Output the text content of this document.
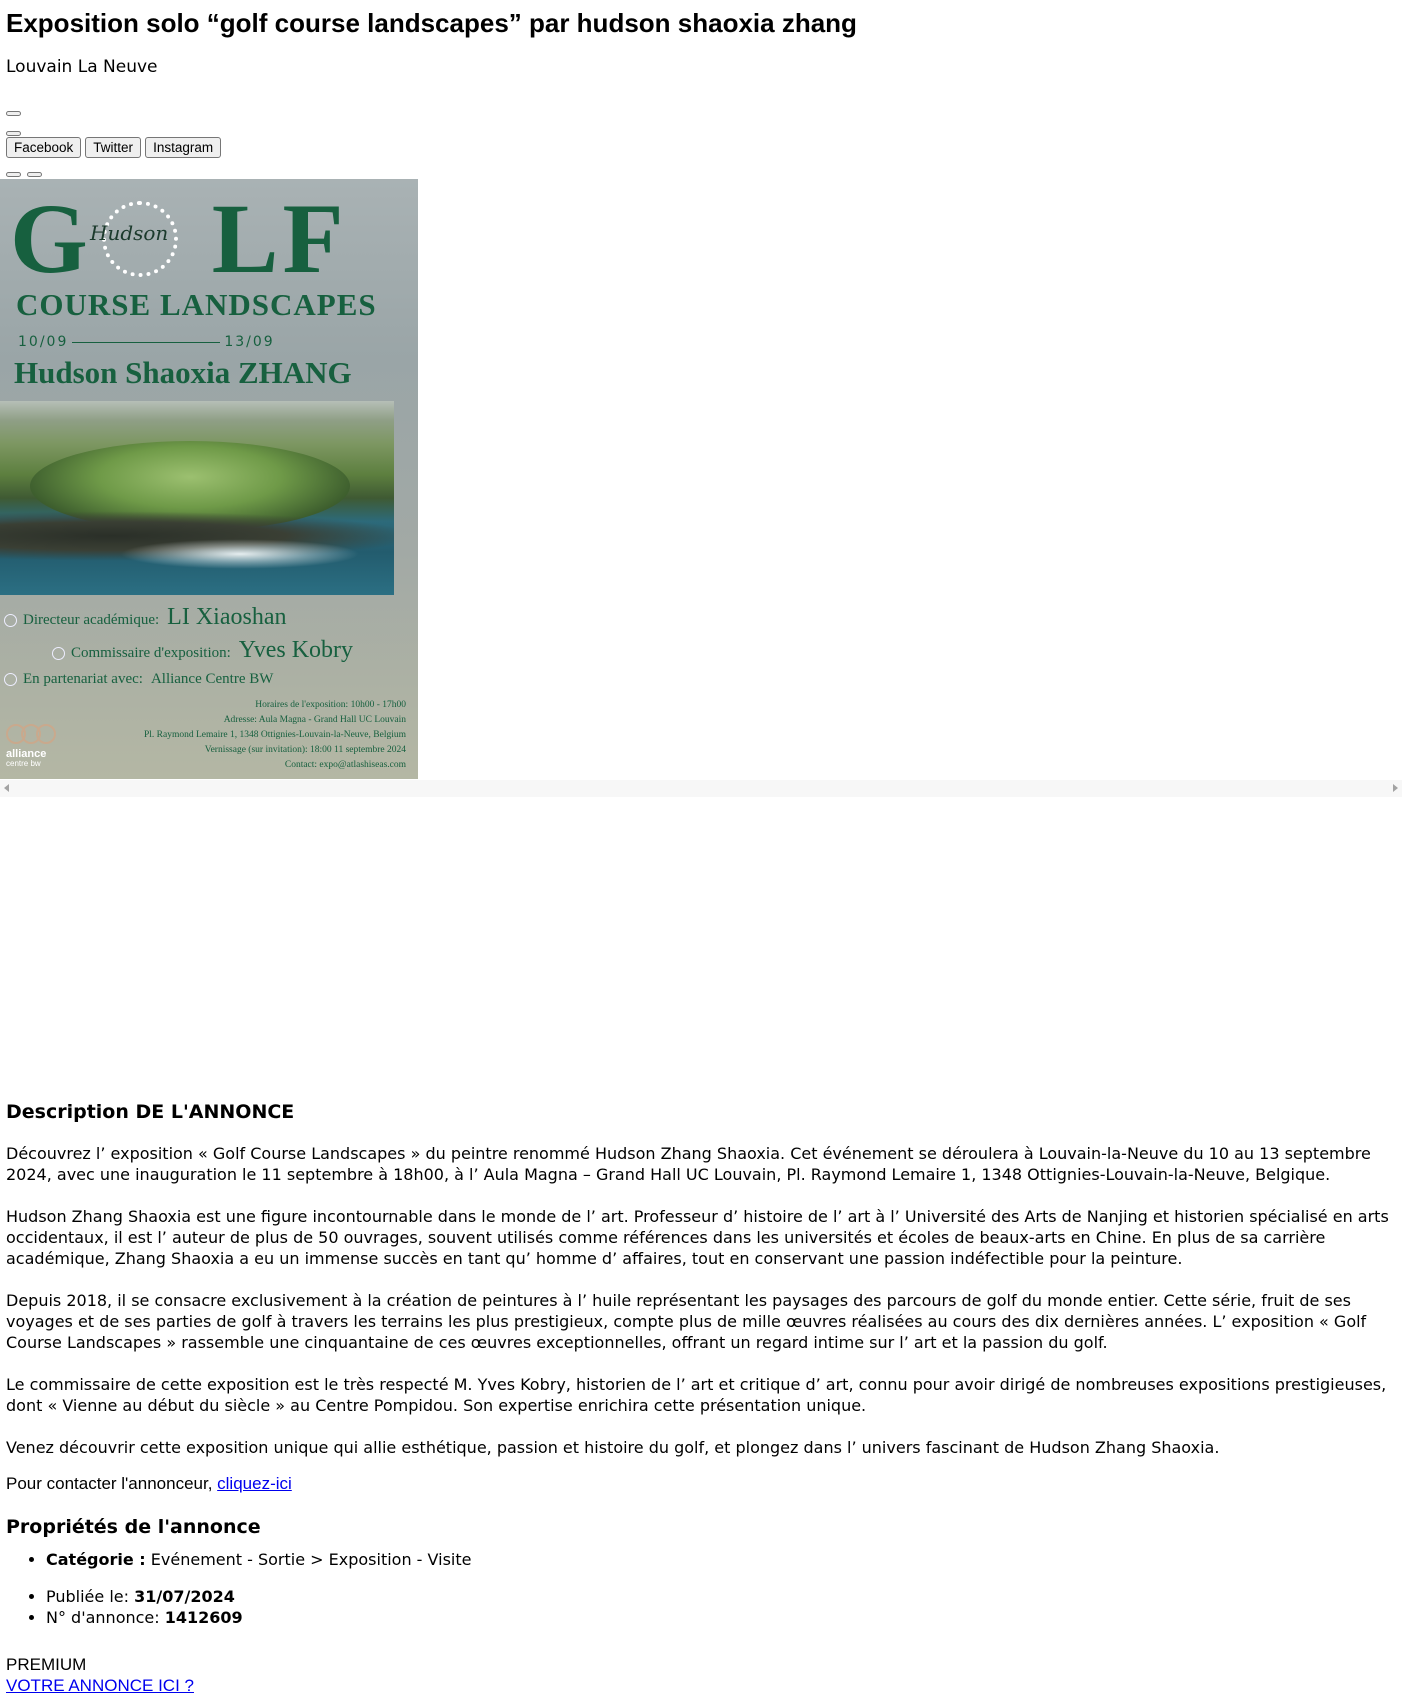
Exposition solo “golf course landscapes” par hudson shaoxia zhang
Louvain La Neuve
Facebook	Twitter	Instagram
G LF
Hudson
COURSE LANDSCAPES
10/09	13/09
Hudson Shaoxia ZHANG
Directeur académique: LI Xiaoshan
Commissaire d'exposition: Yves Kobry
En partenariat avec: Alliance Centre BW
Horaires de l'exposition: 10h00 - 17h00
Adresse: Aula Magna - Grand Hall UC Louvain
Pl. Raymond Lemaire 1, 1348 Ottignies-Louvain-la-Neuve, Belgium
Vernissage (sur invitation): 18:00 11 septembre 2024
Contact: expo@atlashiseas.com
alliance
centre bw
Description DE L'ANNONCE

Découvrez l’ exposition « Golf Course Landscapes » du peintre renommé Hudson Zhang Shaoxia. Cet événement se déroulera à Louvain-la-Neuve du 10 au 13 septembre 2024, avec une inauguration le 11 septembre à 18h00, à l’ Aula Magna – Grand Hall UC Louvain, Pl. Raymond Lemaire 1, 1348 Ottignies-Louvain-la-Neuve, Belgique.

Hudson Zhang Shaoxia est une figure incontournable dans le monde de l’ art. Professeur d’ histoire de l’ art à l’ Université des Arts de Nanjing et historien spécialisé en arts occidentaux, il est l’ auteur de plus de 50 ouvrages, souvent utilisés comme références dans les universités et écoles de beaux-arts en Chine. En plus de sa carrière académique, Zhang Shaoxia a eu un immense succès en tant qu’ homme d’ affaires, tout en conservant une passion indéfectible pour la peinture.

Depuis 2018, il se consacre exclusivement à la création de peintures à l’ huile représentant les paysages des parcours de golf du monde entier. Cette série, fruit de ses voyages et de ses parties de golf à travers les terrains les plus prestigieux, compte plus de mille œuvres réalisées au cours des dix dernières années. L’ exposition « Golf Course Landscapes » rassemble une cinquantaine de ces œuvres exceptionnelles, offrant un regard intime sur l’ art et la passion du golf.

Le commissaire de cette exposition est le très respecté M. Yves Kobry, historien de l’ art et critique d’ art, connu pour avoir dirigé de nombreuses expositions prestigieuses, dont « Vienne au début du siècle » au Centre Pompidou. Son expertise enrichira cette présentation unique.

Venez découvrir cette exposition unique qui allie esthétique, passion et histoire du golf, et plongez dans l’ univers fascinant de Hudson Zhang Shaoxia.

Pour contacter l'annonceur, cliquez-ici
Propriétés de l'annonce
• Catégorie : Evénement - Sortie > Exposition - Visite
• Publiée le: 31/07/2024
• N° d'annonce: 1412609
PREMIUM
VOTRE ANNONCE ICI ?
